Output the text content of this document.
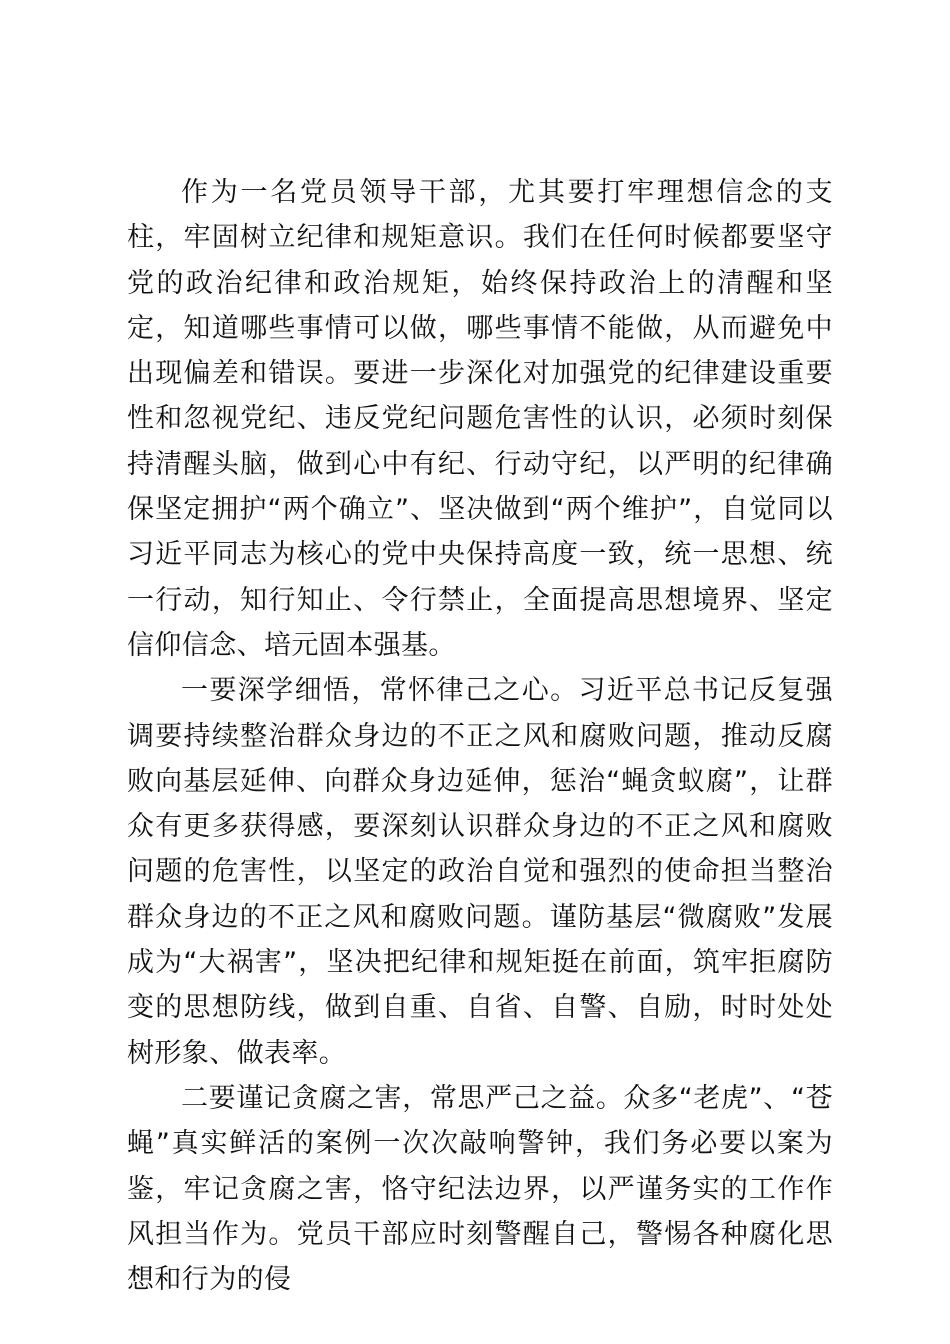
作为一名党员领导干部，尤其要打牢理想信念的支柱，牢固树立纪律和规矩意识。我们在任何时候都要坚守党的政治纪律和政治规矩，始终保持政治上的清醒和坚定，知道哪些事情可以做，哪些事情不能做，从而避免中出现偏差和错误。要进一步深化对加强党的纪律建设重要性和忽视党纪、违反党纪问题危害性的认识，必须时刻保持清醒头脑，做到心中有纪、行动守纪，以严明的纪律确保坚定拥护“两个确立”、坚决做到“两个维护”，自觉同以习近平同志为核心的党中央保持高度一致，统一思想、统一行动，知行知止、令行禁止，全面提高思想境界、坚定信仰信念、培元固本强基。

一要深学细悟，常怀律己之心。习近平总书记反复强调要持续整治群众身边的不正之风和腐败问题，推动反腐败向基层延伸、向群众身边延伸，惩治“蝇贪蚁腐”，让群众有更多获得感，要深刻认识群众身边的不正之风和腐败问题的危害性，以坚定的政治自觉和强烈的使命担当整治群众身边的不正之风和腐败问题。谨防基层“微腐败”发展成为“大祸害”，坚决把纪律和规矩挺在前面，筑牢拒腐防变的思想防线，做到自重、自省、自警、自励，时时处处树形象、做表率。

二要谨记贪腐之害，常思严己之益。众多“老虎”、“苍蝇”真实鲜活的案例一次次敲响警钟，我们务必要以案为鉴，牢记贪腐之害，恪守纪法边界，以严谨务实的工作作风担当作为。党员干部应时刻警醒自己，警惕各种腐化思想和行为的侵
